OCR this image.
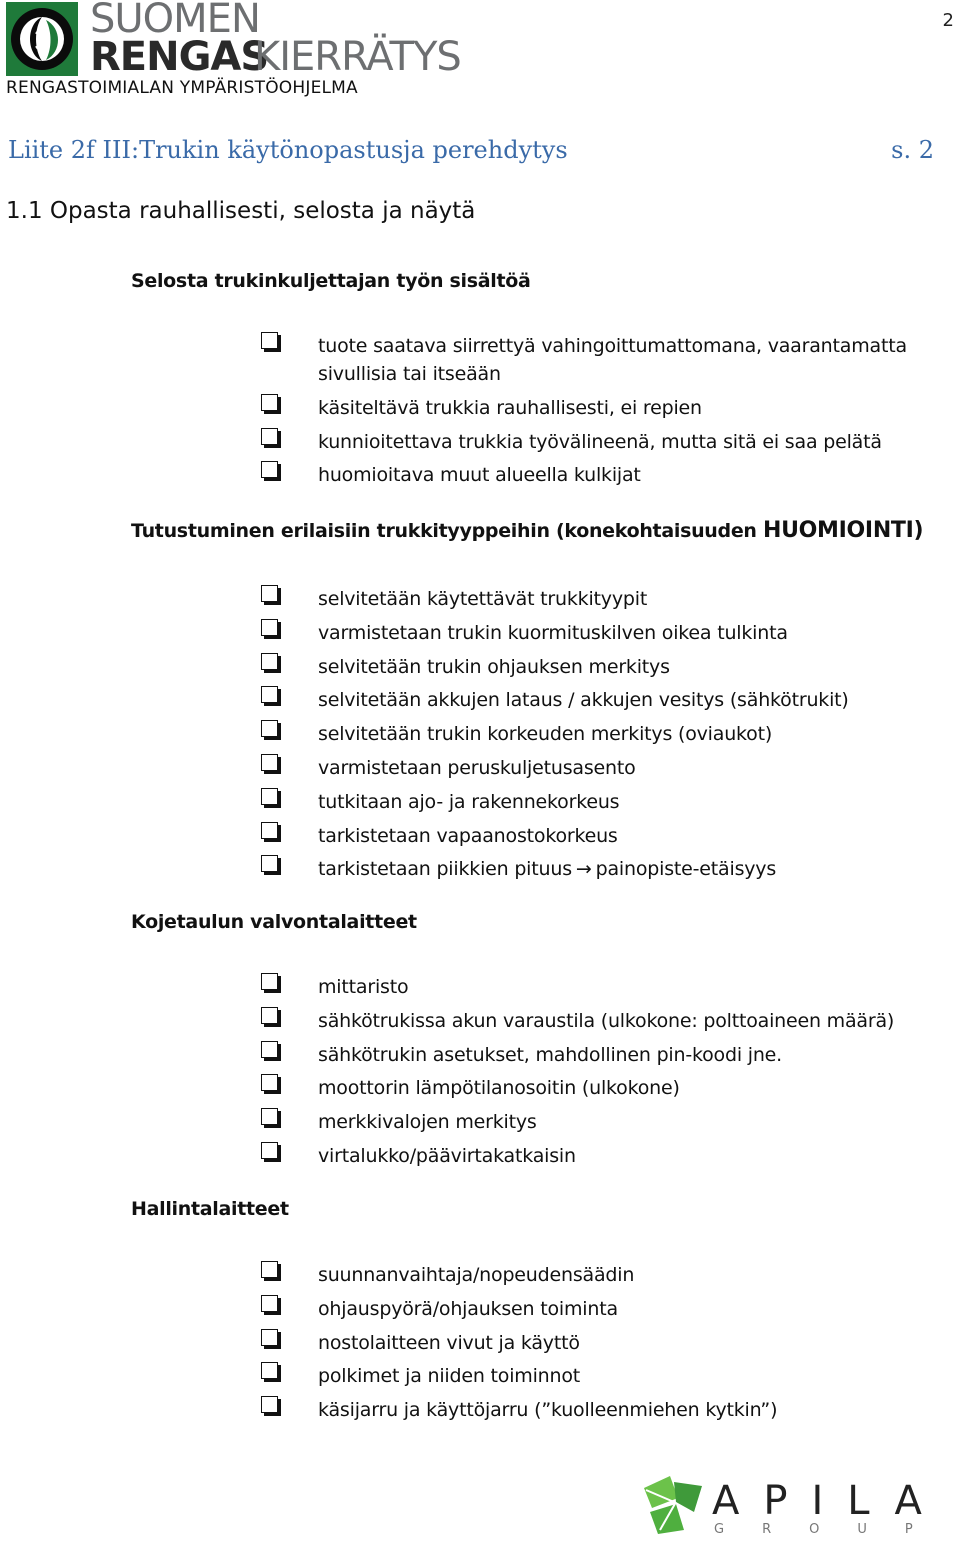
2
SUOMEN
RENGAS
KIERRÄTYS
RENGASTOIMIALAN YMPÄRISTÖOHJELMA
Liite 2f III:Trukin käytönopastusja perehdytys	s. 2
1.1 Opasta rauhallisesti, selosta ja näytä
Selosta trukinkuljettajan työn sisältöä
tuote saatava siirrettyä vahingoittumattomana, vaarantamatta sivullisia tai itseään
käsiteltävä trukkia rauhallisesti, ei repien
kunnioitettava trukkia työvälineenä, mutta sitä ei saa pelätä
huomioitava muut alueella kulkijat
Tutustuminen erilaisiin trukkityyppeihin (konekohtaisuuden HUOMIOINTI)
selvitetään käytettävät trukkityypit
varmistetaan trukin kuormituskilven oikea tulkinta
selvitetään trukin ohjauksen merkitys
selvitetään akkujen lataus / akkujen vesitys (sähkötrukit)
selvitetään trukin korkeuden merkitys (oviaukot)
varmistetaan peruskuljetusasento
tutkitaan ajo- ja rakennekorkeus
tarkistetaan vapaanostokorkeus
tarkistetaan piikkien pituus → painopiste-etäisyys
Kojetaulun valvontalaitteet
mittaristo
sähkötrukissa akun varaustila (ulkokone: polttoaineen määrä)
sähkötrukin asetukset, mahdollinen pin-koodi jne.
moottorin lämpötilanosoitin (ulkokone)
merkkivalojen merkitys
virtalukko/päävirtakatkaisin
Hallintalaitteet
suunnanvaihtaja/nopeudensäädin
ohjauspyörä/ohjauksen toiminta
nostolaitteen vivut ja käyttö
polkimet ja niiden toiminnot
käsijarru ja käyttöjarru (”kuolleenmiehen kytkin”)
APILA
GROUP
